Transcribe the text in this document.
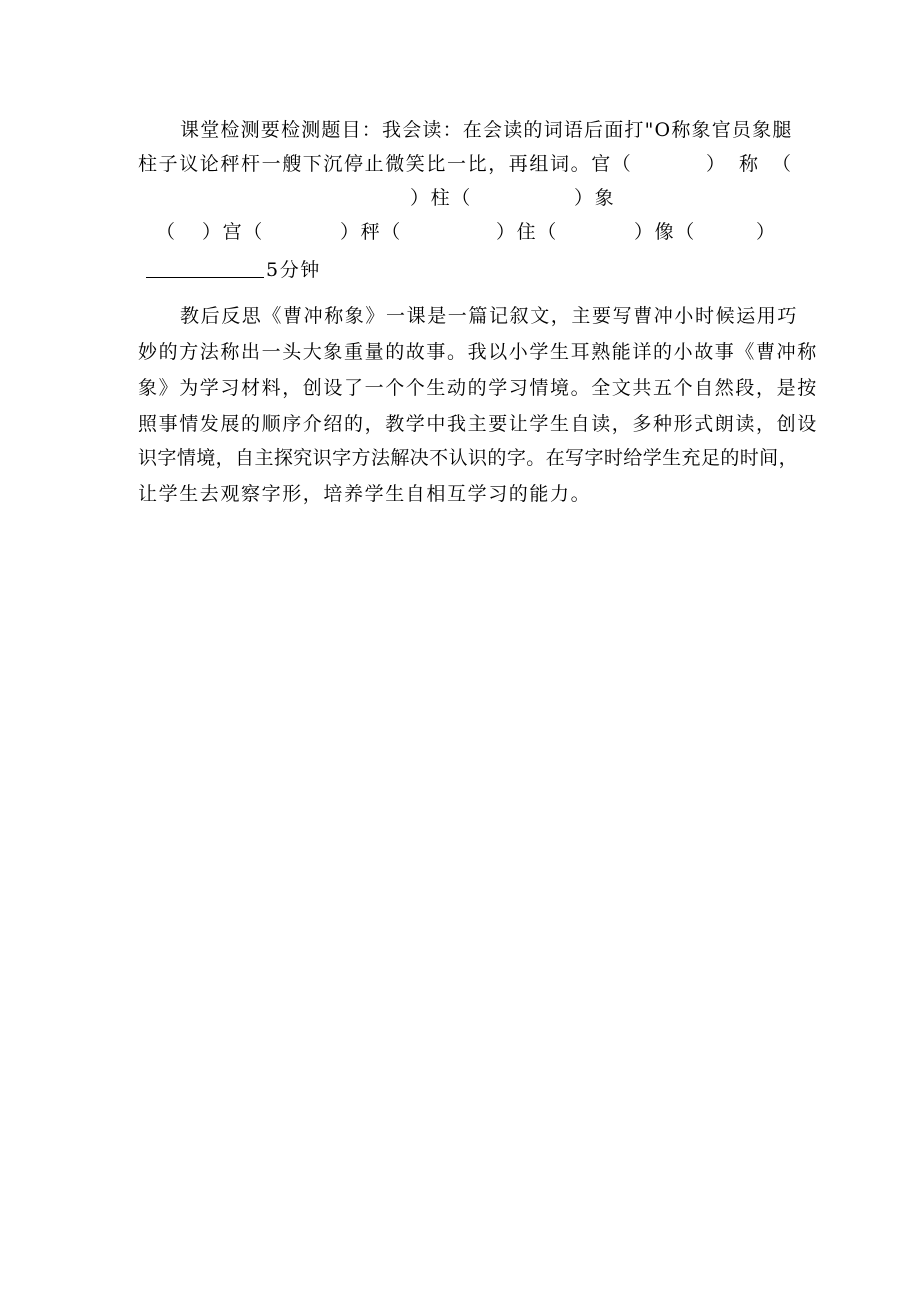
课堂检测要检测题目：我会读：在会读的词语后面打"O称象官员象腿
柱子议论秤杆一艘下沉停止微笑比一比，再组词。官（	）称（
）柱（	）象
（ ）宫（	）秤（	）住（	）像（	）
5分钟
教后反思《曹冲称象》一课是一篇记叙文，主要写曹冲小时候运用巧
妙的方法称出一头大象重量的故事。我以小学生耳熟能详的小故事《曹冲称
象》为学习材料，创设了一个个生动的学习情境。全文共五个自然段，是按
照事情发展的顺序介绍的，教学中我主要让学生自读，多种形式朗读，创设
识字情境，自主探究识字方法解决不认识的字。在写字时给学生充足的时间，
让学生去观察字形，培养学生自相互学习的能力。
